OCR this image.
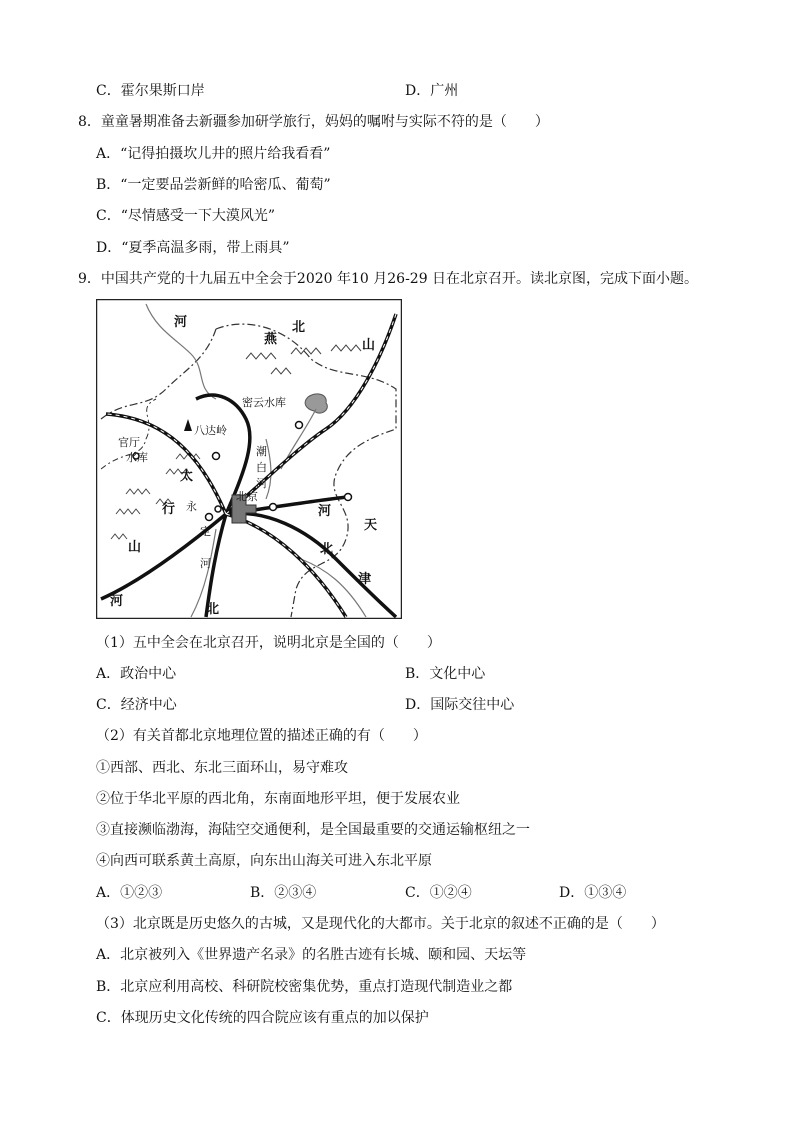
C．霍尔果斯口岸	D．广州
8．童童暑期准备去新疆参加研学旅行，妈妈的嘱咐与实际不符的是（　　）
A．“记得拍摄坎儿井的照片给我看看”
B．“一定要品尝新鲜的哈密瓜、葡萄”
C．“尽情感受一下大漠风光”
D．“夏季高温多雨，带上雨具”
9．中国共产党的十九届五中全会于2020 年10 月26-29 日在北京召开。读北京图，完成下面小题。
河	北
燕	山
密云水库
八达岭
官厅
水库	潮
白
河
太
行
山
永
定
河
北京
河
北
天
津
河
北
（1）五中全会在北京召开，说明北京是全国的（　　）
A．政治中心	B．文化中心
C．经济中心	D．国际交往中心
（2）有关首都北京地理位置的描述正确的有（　　）
①西部、西北、东北三面环山，易守难攻
②位于华北平原的西北角，东南面地形平坦，便于发展农业
③直接濒临渤海，海陆空交通便利，是全国最重要的交通运输枢纽之一
④向西可联系黄土高原，向东出山海关可进入东北平原
A．①②③	B．②③④	C．①②④	D．①③④
（3）北京既是历史悠久的古城，又是现代化的大都市。关于北京的叙述不正确的是（　　）
A．北京被列入《世界遗产名录》的名胜古迹有长城、颐和园、天坛等
B．北京应利用高校、科研院校密集优势，重点打造现代制造业之都
C．体现历史文化传统的四合院应该有重点的加以保护
